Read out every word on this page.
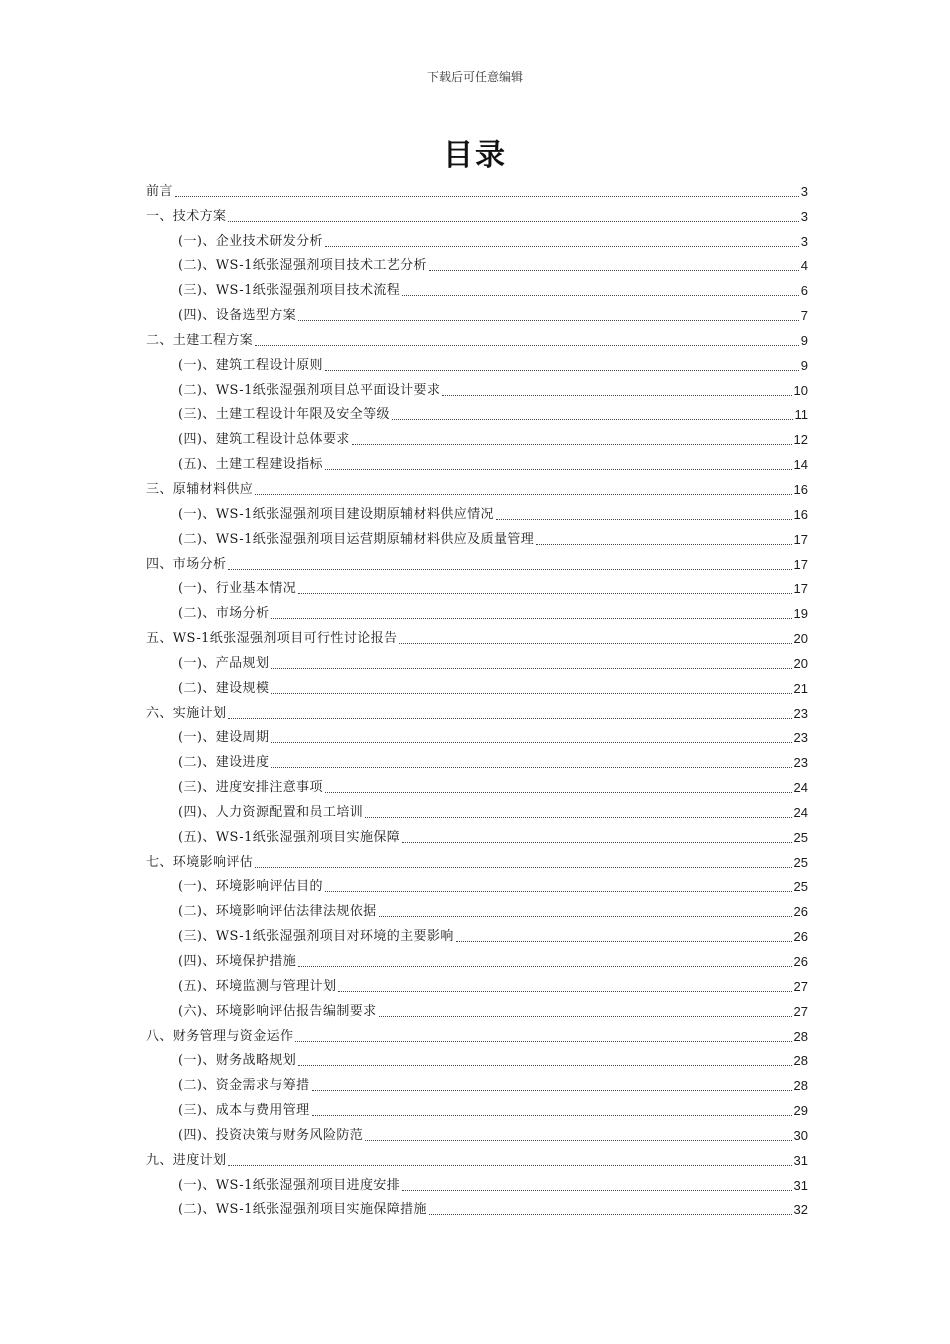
下载后可任意编辑
目录
前言	3
一、技术方案	3
(一)、企业技术研发分析	3
(二)、WS-1纸张湿强剂项目技术工艺分析	4
(三)、WS-1纸张湿强剂项目技术流程	6
(四)、设备选型方案	7
二、土建工程方案	9
(一)、建筑工程设计原则	9
(二)、WS-1纸张湿强剂项目总平面设计要求	10
(三)、土建工程设计年限及安全等级	11
(四)、建筑工程设计总体要求	12
(五)、土建工程建设指标	14
三、原辅材料供应	16
(一)、WS-1纸张湿强剂项目建设期原辅材料供应情况	16
(二)、WS-1纸张湿强剂项目运营期原辅材料供应及质量管理	17
四、市场分析	17
(一)、行业基本情况	17
(二)、市场分析	19
五、WS-1纸张湿强剂项目可行性讨论报告	20
(一)、产品规划	20
(二)、建设规模	21
六、实施计划	23
(一)、建设周期	23
(二)、建设进度	23
(三)、进度安排注意事项	24
(四)、人力资源配置和员工培训	24
(五)、WS-1纸张湿强剂项目实施保障	25
七、环境影响评估	25
(一)、环境影响评估目的	25
(二)、环境影响评估法律法规依据	26
(三)、WS-1纸张湿强剂项目对环境的主要影响	26
(四)、环境保护措施	26
(五)、环境监测与管理计划	27
(六)、环境影响评估报告编制要求	27
八、财务管理与资金运作	28
(一)、财务战略规划	28
(二)、资金需求与筹措	28
(三)、成本与费用管理	29
(四)、投资决策与财务风险防范	30
九、进度计划	31
(一)、WS-1纸张湿强剂项目进度安排	31
(二)、WS-1纸张湿强剂项目实施保障措施	32
